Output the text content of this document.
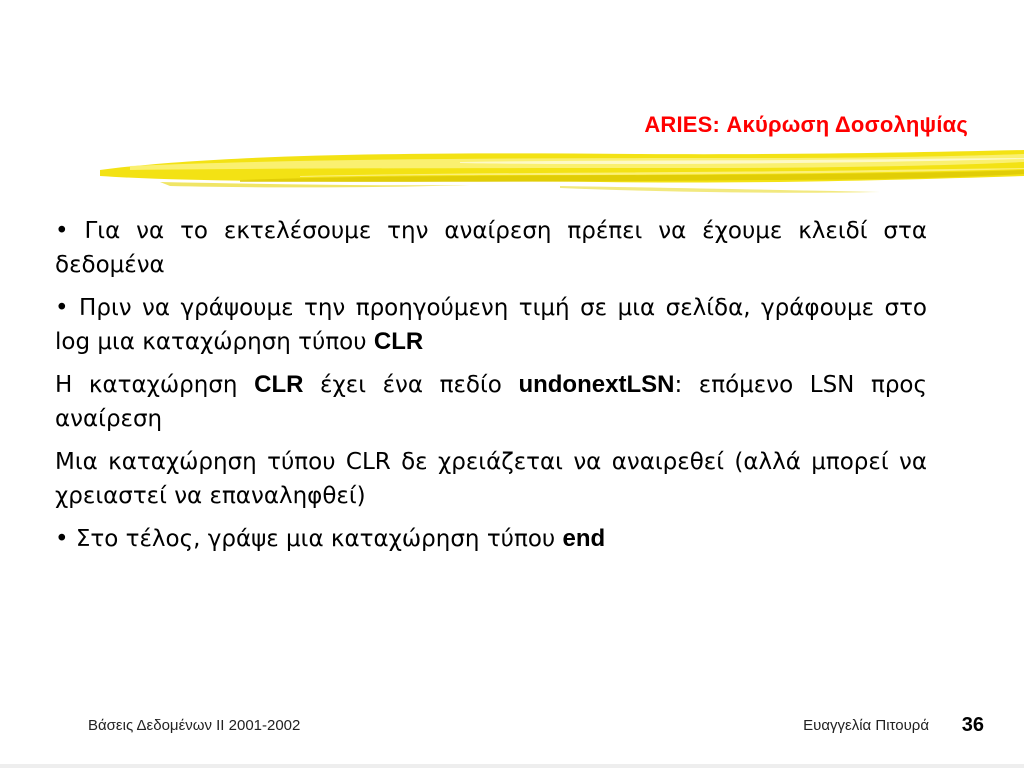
ARIES: Ακύρωση Δοσοληψίας

• Για να το εκτελέσουμε την αναίρεση πρέπει να έχουμε κλειδί στα δεδομένα

• Πριν να γράψουμε την προηγούμενη τιμή σε μια σελίδα, γράφουμε στο log μια καταχώρηση τύπου CLR

Η καταχώρηση CLR έχει ένα πεδίο undonextLSN: επόμενο LSN προς αναίρεση

Μια καταχώρηση τύπου CLR δε χρειάζεται να αναιρεθεί (αλλά μπορεί να χρειαστεί να επαναληφθεί)

• Στο τέλος, γράψε μια καταχώρηση τύπου end

Βάσεις Δεδομένων ΙΙ 2001-2002	Ευαγγελία Πιτουρά 36
